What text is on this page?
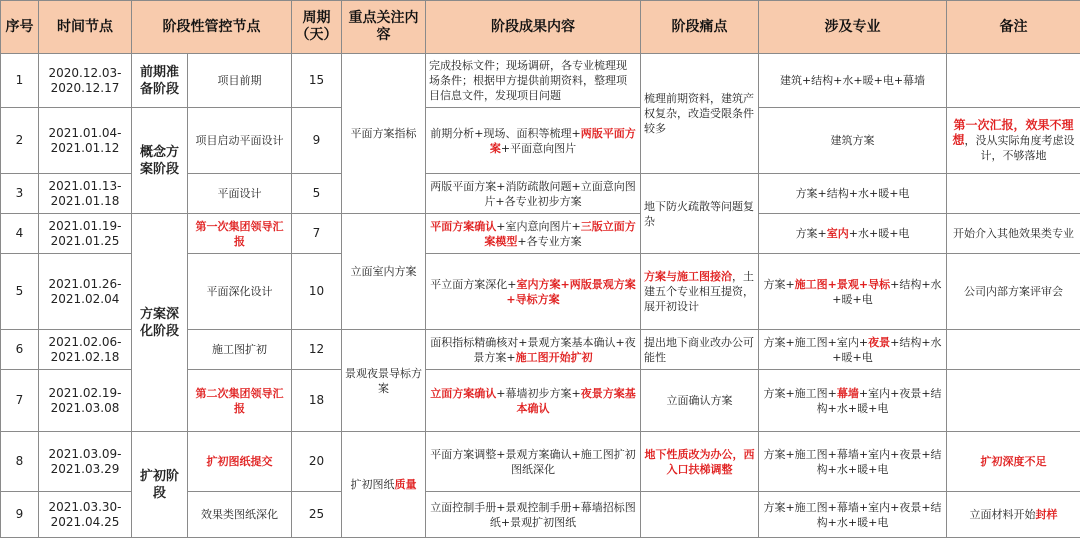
序号	时间节点	阶段性管控节点		周期（天）	重点关注内容	阶段成果内容	阶段痛点	涉及专业	备注
1	2020.12.03-2020.12.17	前期准备阶段	项目前期	15	平面方案指标	完成投标文件；现场调研，各专业梳理现场条件；根据甲方提供前期资料，整理项目信息文件，发现项目问题	梳理前期资料，建筑产权复杂，改造受限条件较多	建筑+结构+水+暖+电+幕墙	
2	2021.01.04-2021.01.12	概念方案阶段	项目启动平面设计	9		前期分析+现场、面积等梳理+两版平面方案+平面意向图片		建筑方案	第一次汇报，效果不理想，没从实际角度考虑设计，不够落地
3	2021.01.13-2021.01.18		平面设计	5		两版平面方案+消防疏散问题+立面意向图片+各专业初步方案	地下防火疏散等问题复杂	方案+结构+水+暖+电	
4	2021.01.19-2021.01.25	方案深化阶段	第一次集团领导汇报	7	立面室内方案	平面方案确认+室内意向图片+三版立面方案模型+各专业方案		方案+室内+水+暖+电	开始介入其他效果类专业
5	2021.01.26-2021.02.04		平面深化设计	10		平立面方案深化+室内方案+两版景观方案+导标方案	方案与施工图接洽，土建五个专业相互提资，展开初设计	方案+施工图+景观+导标+结构+水+暖+电	公司内部方案评审会
6	2021.02.06-2021.02.18		施工图扩初	12	景观夜景导标方案	面积指标精确核对+景观方案基本确认+夜景方案+施工图开始扩初	提出地下商业改办公可能性	方案+施工图+室内+夜景+结构+水+暖+电	
7	2021.02.19-2021.03.08		第二次集团领导汇报	18		立面方案确认+幕墙初步方案+夜景方案基本确认	立面确认方案	方案+施工图+幕墙+室内+夜景+结构+水+暖+电	
8	2021.03.09-2021.03.29	扩初阶段	扩初图纸提交	20	扩初图纸质量	平面方案调整+景观方案确认+施工图扩初图纸深化	地下性质改为办公，西入口扶梯调整	方案+施工图+幕墙+室内+夜景+结构+水+暖+电	扩初深度不足
9	2021.03.30-2021.04.25		效果类图纸深化	25		立面控制手册+景观控制手册+幕墙招标图纸+景观扩初图纸		方案+施工图+幕墙+室内+夜景+结构+水+暖+电	立面材料开始封样
